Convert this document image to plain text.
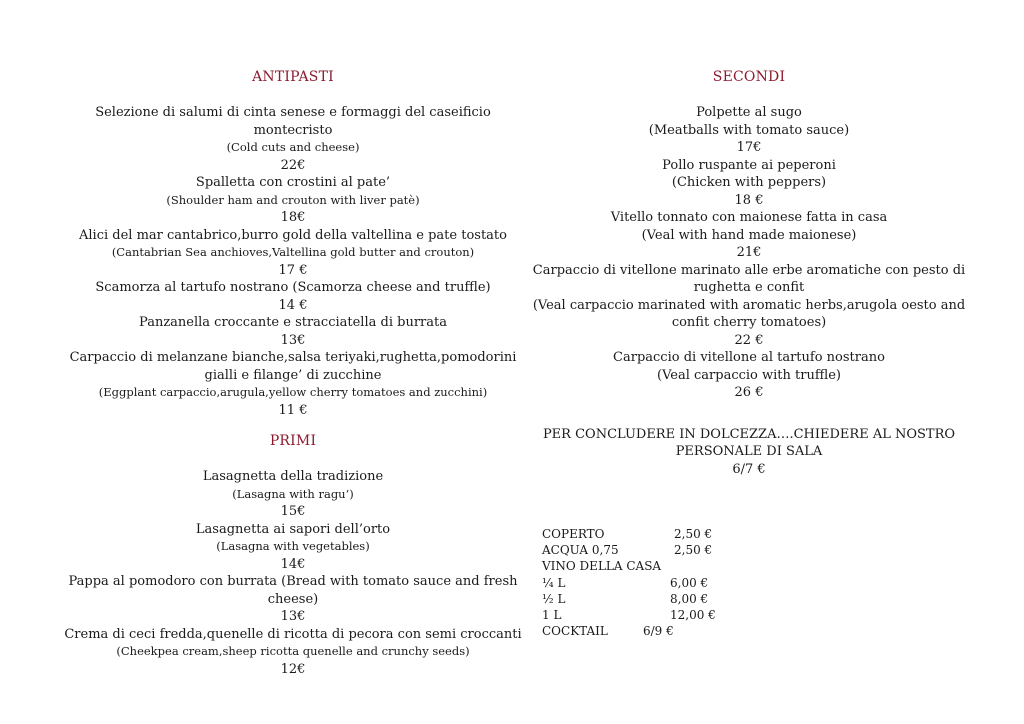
ANTIPASTI
Selezione di salumi di cinta senese e formaggi del caseificio montecristo
(Cold cuts and cheese)
22€
Spalletta con crostini al pate’
(Shoulder ham and crouton with liver patè)
18€
Alici del mar cantabrico,burro gold della valtellina e pate tostato
(Cantabrian Sea anchioves,Valtellina gold butter and crouton)
17 €
Scamorza al tartufo nostrano (Scamorza cheese and truffle)
14 €
Panzanella croccante e stracciatella di burrata
13€
Carpaccio di melanzane bianche,salsa teriyaki,rughetta,pomodorini gialli e filange’ di zucchine
(Eggplant carpaccio,arugula,yellow cherry tomatoes and zucchini)
11 €
PRIMI
Lasagnetta della tradizione
(Lasagna with ragu’)
15€
Lasagnetta ai sapori dell’orto
(Lasagna with vegetables)
14€
Pappa al pomodoro con burrata (Bread with tomato sauce and fresh cheese)
13€
Crema di ceci fredda,quenelle di ricotta di pecora con semi croccanti
(Cheekpea cream,sheep ricotta quenelle and crunchy seeds)
12€
SECONDI
Polpette al sugo
(Meatballs with tomato sauce)
17€
Pollo ruspante ai peperoni
(Chicken with peppers)
18 €
Vitello tonnato con maionese fatta in casa
(Veal with hand made maionese)
21€
Carpaccio di vitellone marinato alle erbe aromatiche con pesto di rughetta e confit
(Veal carpaccio marinated with aromatic herbs,arugola oesto and confit cherry tomatoes)
22 €
Carpaccio di vitellone al tartufo nostrano
(Veal carpaccio with truffle)
26 €
PER CONCLUDERE IN DOLCEZZA….CHIEDERE AL NOSTRO
PERSONALE DI SALA
6/7 €
COPERTO	2,50 €
ACQUA 0,75	2,50 €
VINO DELLA CASA
¼ L	6,00 €
½ L	8,00 €
1 L	12,00 €
COCKTAIL	6/9 €
